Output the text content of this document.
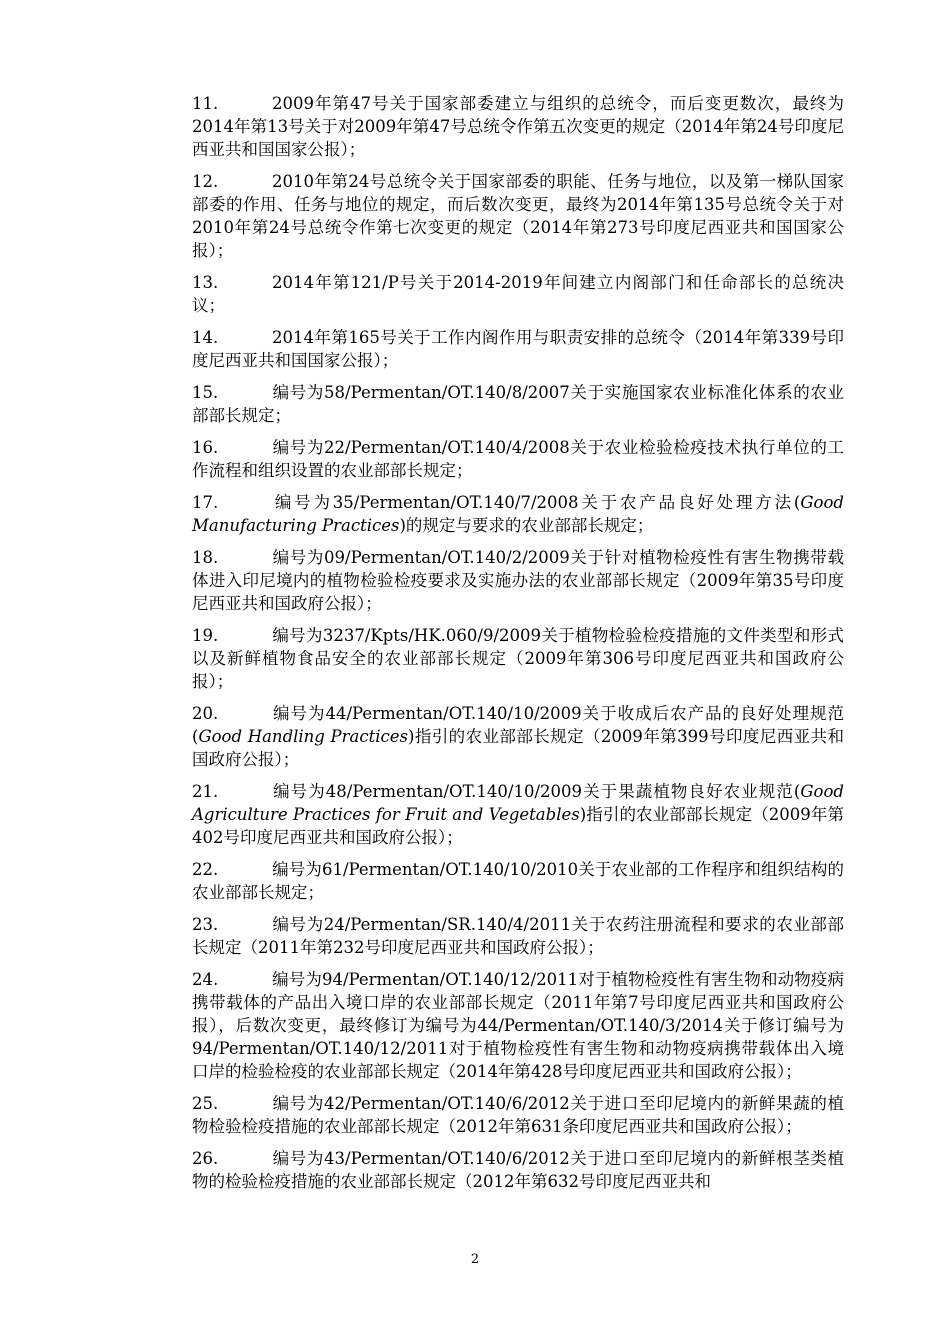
11.	2009年第47号关于国家部委建立与组织的总统令，而后变更数次，最终为2014年第13号关于对2009年第47号总统令作第五次变更的规定（2014年第24号印度尼西亚共和国国家公报）；
12.	2010年第24号总统令关于国家部委的职能、任务与地位，以及第一梯队国家部委的作用、任务与地位的规定，而后数次变更，最终为2014年第135号总统令关于对2010年第24号总统令作第七次变更的规定（2014年第273号印度尼西亚共和国国家公报）；
13.	2014年第121/P号关于2014-2019年间建立内阁部门和任命部长的总统决议；
14.	2014年第165号关于工作内阁作用与职责安排的总统令（2014年第339号印度尼西亚共和国国家公报）；
15.	编号为58/Permentan/OT.140/8/2007关于实施国家农业标准化体系的农业部部长规定；
16.	编号为22/Permentan/OT.140/4/2008关于农业检验检疫技术执行单位的工作流程和组织设置的农业部部长规定；
17.	编号为35/Permentan/OT.140/7/2008关于农产品良好处理方法(Good Manufacturing Practices)的规定与要求的农业部部长规定；
18.	编号为09/Permentan/OT.140/2/2009关于针对植物检疫性有害生物携带载体进入印尼境内的植物检验检疫要求及实施办法的农业部部长规定（2009年第35号印度尼西亚共和国政府公报）；
19.	编号为3237/Kpts/HK.060/9/2009关于植物检验检疫措施的文件类型和形式以及新鲜植物食品安全的农业部部长规定（2009年第306号印度尼西亚共和国政府公报）；
20.	编号为44/Permentan/OT.140/10/2009关于收成后农产品的良好处理规范(Good Handling Practices)指引的农业部部长规定（2009年第399号印度尼西亚共和国政府公报）；
21.	编号为48/Permentan/OT.140/10/2009关于果蔬植物良好农业规范(Good Agriculture Practices for Fruit and Vegetables)指引的农业部部长规定（2009年第402号印度尼西亚共和国政府公报）；
22.	编号为61/Permentan/OT.140/10/2010关于农业部的工作程序和组织结构的农业部部长规定；
23.	编号为24/Permentan/SR.140/4/2011关于农药注册流程和要求的农业部部长规定（2011年第232号印度尼西亚共和国政府公报）；
24.	编号为94/Permentan/OT.140/12/2011对于植物检疫性有害生物和动物疫病携带载体的产品出入境口岸的农业部部长规定（2011年第7号印度尼西亚共和国政府公报），后数次变更，最终修订为编号为44/Permentan/OT.140/3/2014关于修订编号为94/Permentan/OT.140/12/2011对于植物检疫性有害生物和动物疫病携带载体出入境口岸的检验检疫的农业部部长规定（2014年第428号印度尼西亚共和国政府公报）；
25.	编号为42/Permentan/OT.140/6/2012关于进口至印尼境内的新鲜果蔬的植物检验检疫措施的农业部部长规定（2012年第631条印度尼西亚共和国政府公报）；
26.	编号为43/Permentan/OT.140/6/2012关于进口至印尼境内的新鲜根茎类植物的检验检疫措施的农业部部长规定（2012年第632号印度尼西亚共和
2
